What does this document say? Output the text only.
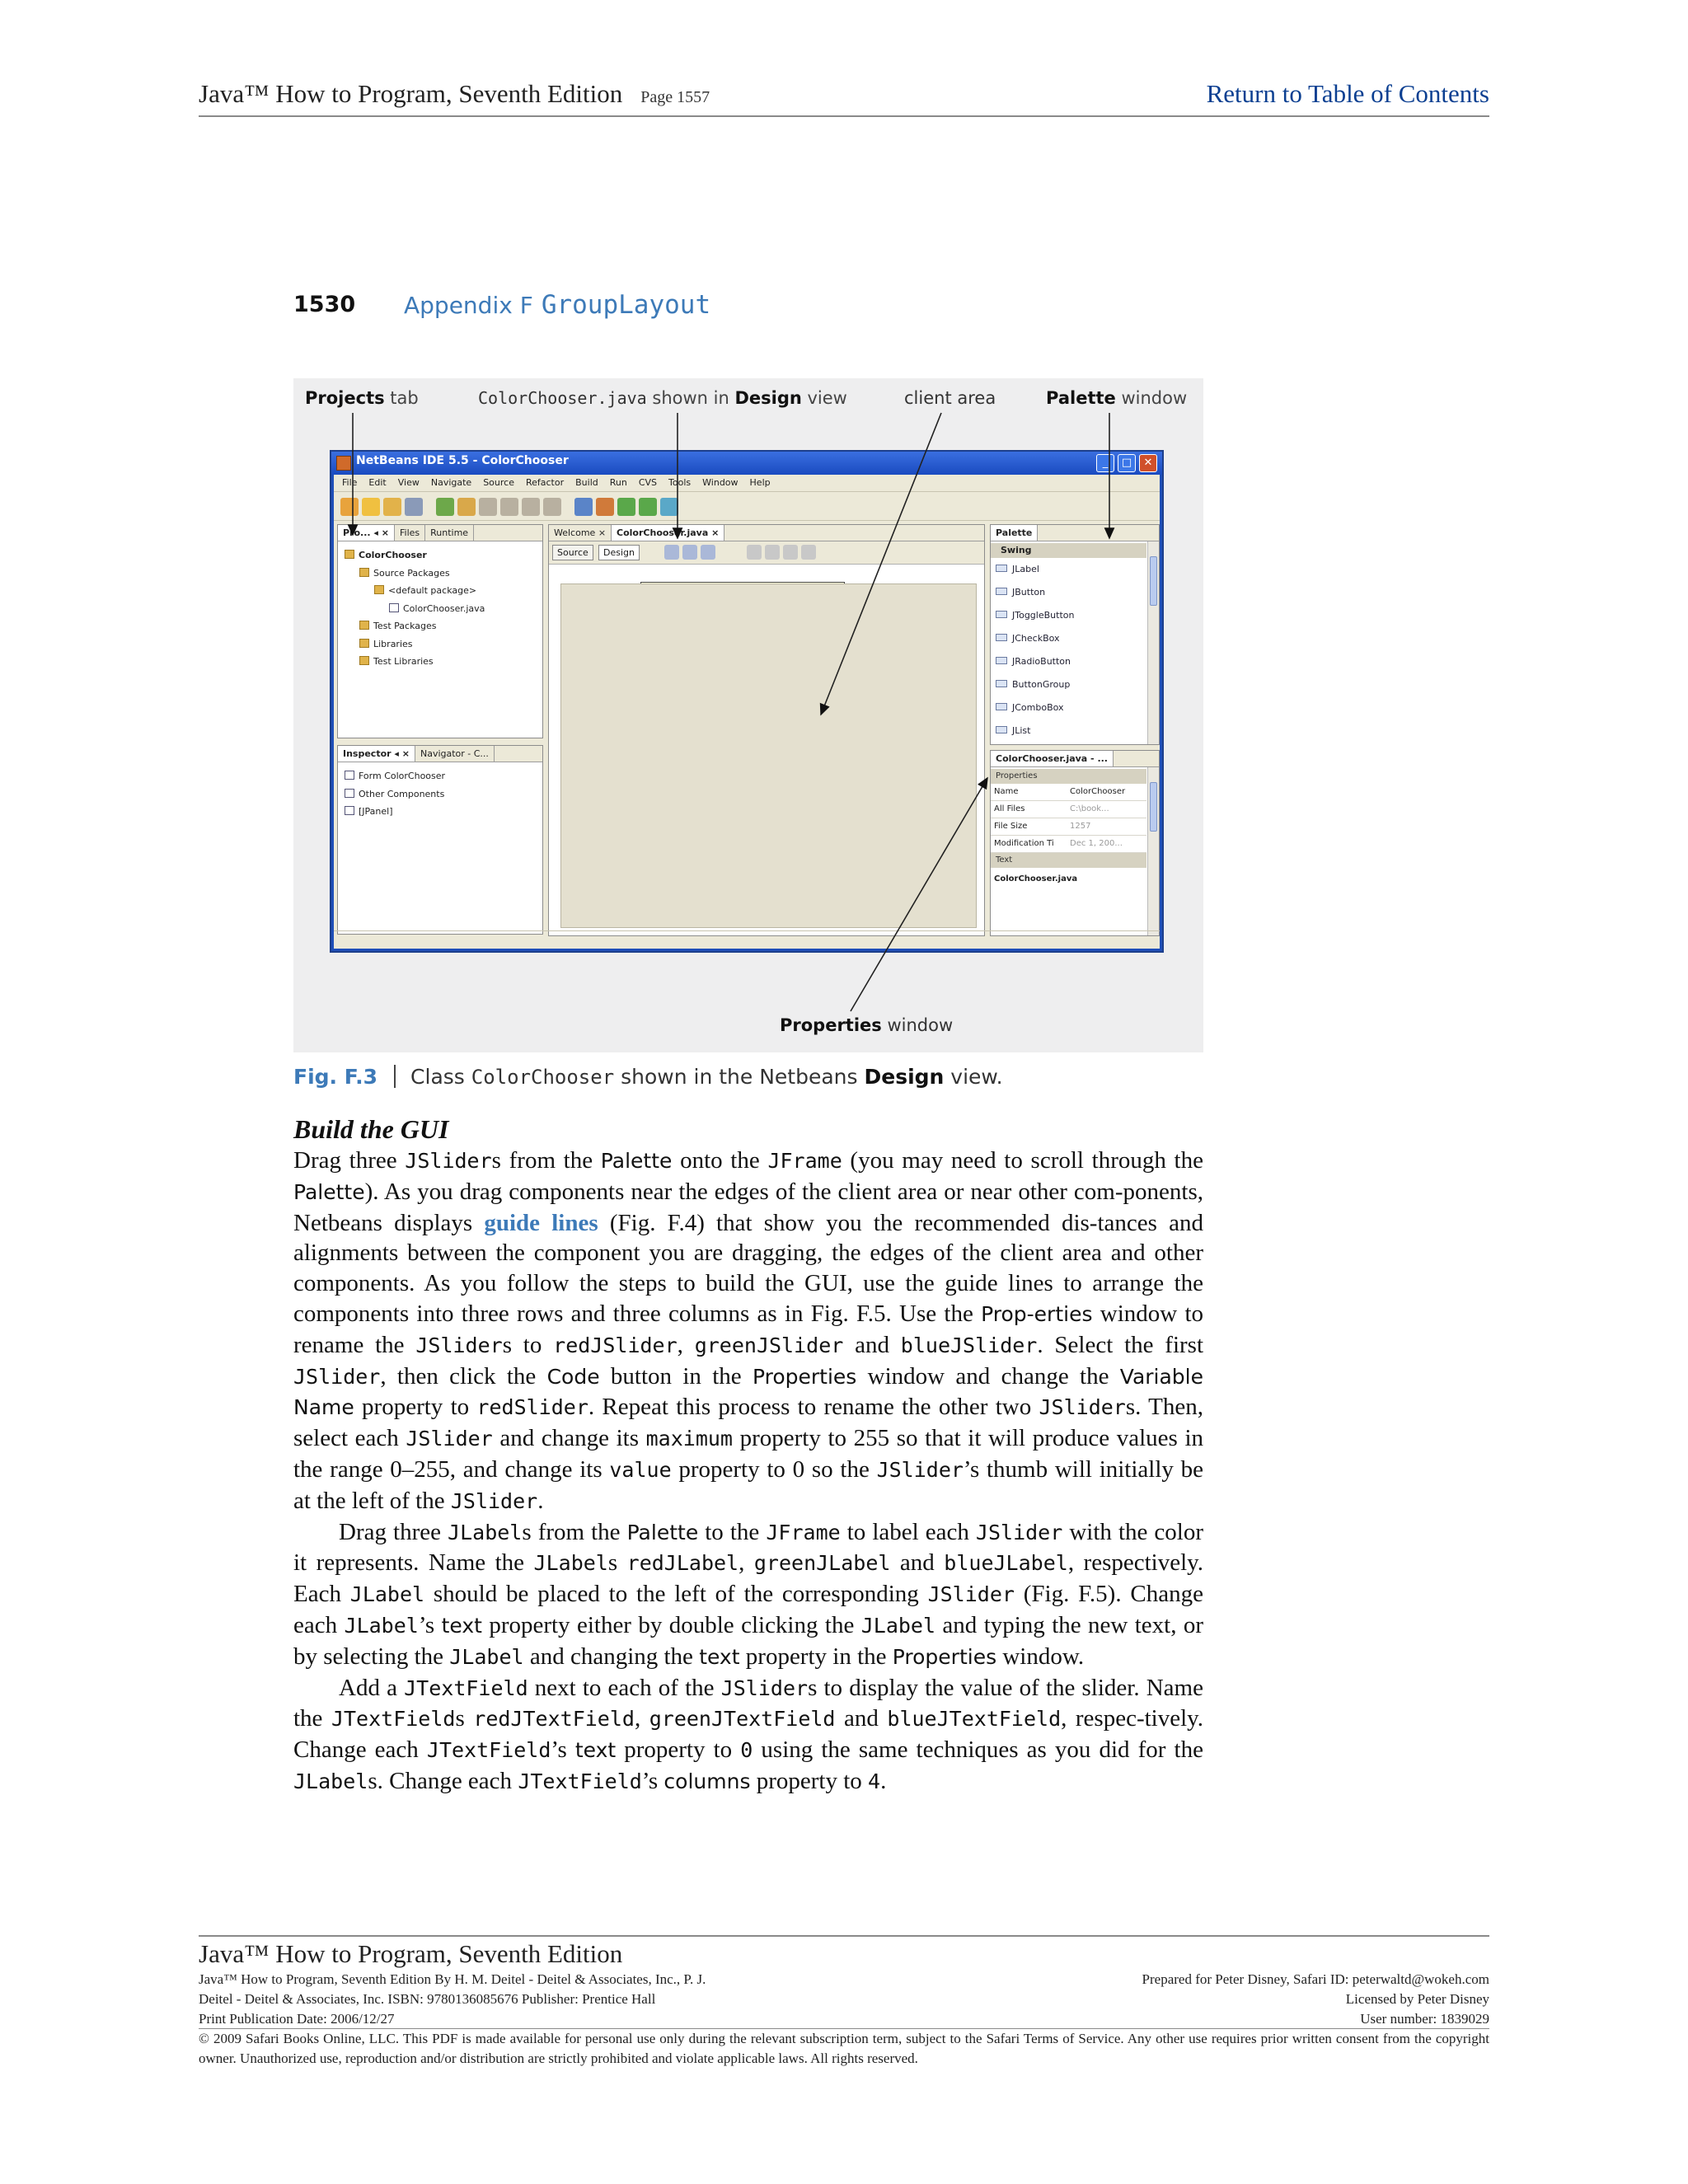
Java™ How to Program, Seventh Edition Page 1557	Return to Table of Contents
1530 Appendix F GroupLayout
Projects tab	ColorChooser.java shown in Design view	client area	Palette window
NetBeans IDE 5.5 - ColorChooser	_	□	✕
File Edit View Navigate Source Refactor Build Run CVS Tools Window Help
Pro... ◂ × Files Runtime
ColorChooser
Source Packages
<default package>
ColorChooser.java
Test Packages
Libraries
Test Libraries
Inspector ◂ × Navigator - C...
Form ColorChooser
Other Components
[JPanel]
Welcome × ColorChooser.java ×
Source	Design
Palette
Swing
JLabel
JButton
JToggleButton
JCheckBox
JRadioButton
ButtonGroup
JComboBox
JList
ColorChooser.java - ...
Properties
Name	ColorChooser
All Files	C:\book...
File Size	1257
Modification Ti Dec 1, 200...
Text
ColorChooser.java
Properties window
Fig. F.3 Class ColorChooser shown in the Netbeans Design view.
Build the GUI

Drag three JSliders from the Palette onto the JFrame (you may need to scroll through the Palette). As you drag components near the edges of the client area or near other com-ponents, Netbeans displays guide lines (Fig. F.4) that show you the recommended dis-tances and alignments between the component you are dragging, the edges of the client area and other components. As you follow the steps to build the GUI, use the guide lines to arrange the components into three rows and three columns as in Fig. F.5. Use the Prop-erties window to rename the JSliders to redJSlider, greenJSlider and blueJSlider. Select the first JSlider, then click the Code button in the Properties window and change the Variable Name property to redSlider. Repeat this process to rename the other two JSliders. Then, select each JSlider and change its maximum property to 255 so that it will produce values in the range 0–255, and change its value property to 0 so the JSlider’s thumb will initially be at the left of the JSlider.

Drag three JLabels from the Palette to the JFrame to label each JSlider with the color it represents. Name the JLabels redJLabel, greenJLabel and blueJLabel, respectively. Each JLabel should be placed to the left of the corresponding JSlider (Fig. F.5). Change each JLabel’s text property either by double clicking the JLabel and typing the new text, or by selecting the JLabel and changing the text property in the Properties window.

Add a JTextField next to each of the JSliders to display the value of the slider. Name the JTextFields redJTextField, greenJTextField and blueJTextField, respec-tively. Change each JTextField’s text property to 0 using the same techniques as you did for the JLabels. Change each JTextField’s columns property to 4.

Java™ How to Program, Seventh Edition
Java™ How to Program, Seventh Edition By H. M. Deitel - Deitel & Associates, Inc., P. J.	Prepared for Peter Disney, Safari ID: peterwaltd@wokeh.com
Deitel - Deitel & Associates, Inc. ISBN: 9780136085676 Publisher: Prentice Hall	Licensed by Peter Disney
Print Publication Date: 2006/12/27	User number: 1839029
© 2009 Safari Books Online, LLC. This PDF is made available for personal use only during the relevant subscription term, subject to the Safari Terms of Service. Any other use requires prior written consent from the copyright owner. Unauthorized use, reproduction and/or distribution are strictly prohibited and violate applicable laws. All rights reserved.
